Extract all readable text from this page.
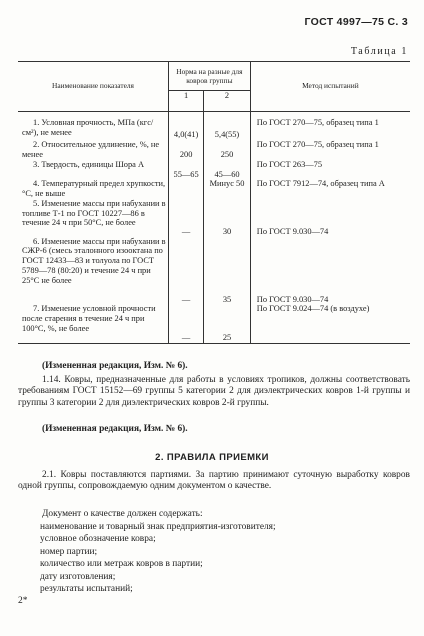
ГОСТ 4997—75 С. 3
Таблица 1
Наименование показателя	Норма на разные для ковров группы		Метод испытаний
	1	2	
1. Условная прочность, МПа (кгс/см²), не менее	4,0(41)	5,4(55)	По ГОСТ 270—75, образец типа 1
2. Относительное удлинение, %, не менее	200	250	По ГОСТ 270—75, образец типа 1
3. Твердость, единицы Шора А	55—65	45—60	По ГОСТ 263—75
4. Температурный предел хрупкости, °С, не выше		Минус 50	По ГОСТ 7912—74, образец типа А
5. Изменение массы при набухании в топливе Т-1 по ГОСТ 10227—86 в течение 24 ч при 50°С, не более	—	30	По ГОСТ 9.030—74
6. Изменение массы при набухании в СЖР-6 (смесь эталонного изооктана по ГОСТ 12433—83 и толуола по ГОСТ 5789—78 (80:20) и течение 24 ч при 25°С не более	—	35	По ГОСТ 9.030—74
7. Изменение условной прочности после старения в течение 24 ч при 100°С, %, не более	—	25	По ГОСТ 9.024—74 (в воздухе)
(Измененная редакция, Изм. № 6).
1.14. Ковры, предназначенные для работы в условиях тропиков, должны соответствовать требованиям ГОСТ 15152—69 группы 5 категории 2 для диэлектрических ковров 1-й группы и группы 3 категории 2 для диэлектрических ковров 2-й группы.
(Измененная редакция, Изм. № 6).
2. ПРАВИЛА ПРИЕМКИ
2.1. Ковры поставляются партиями. За партию принимают суточную выработку ковров одной группы, сопровождаемую одним документом о качестве.
Документ о качестве должен содержать:
наименование и товарный знак предприятия-изготовителя;
условное обозначение ковра;
номер партии;
количество или метраж ковров в партии;
дату изготовления;
результаты испытаний;
2*
